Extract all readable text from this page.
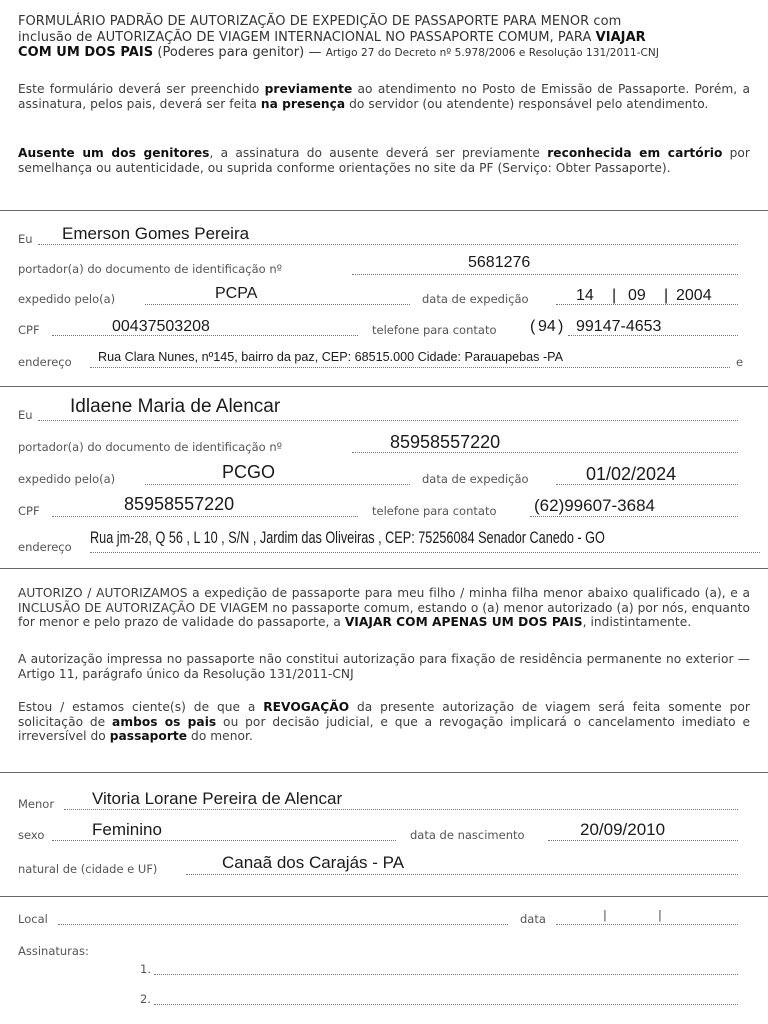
FORMULÁRIO PADRÃO DE AUTORIZAÇÃO DE EXPEDIÇÃO DE PASSAPORTE PARA MENOR com
inclusão de AUTORIZAÇÃO DE VIAGEM INTERNACIONAL NO PASSAPORTE COMUM, PARA VIAJAR
COM UM DOS PAIS (Poderes para genitor) — Artigo 27 do Decreto nº 5.978/2006 e Resolução 131/2011-CNJ
Este formulário deverá ser preenchido previamente ao atendimento no Posto de Emissão de Passaporte. Porém, a assinatura, pelos pais, deverá ser feita na presença do servidor (ou atendente) responsável pelo atendimento.
Ausente um dos genitores, a assinatura do ausente deverá ser previamente reconhecida em cartório por semelhança ou autenticidade, ou suprida conforme orientações no site da PF (Serviço: Obter Passaporte).
Eu Emerson Gomes Pereira
portador(a) do documento de identificação nº	5681276
expedido pelo(a)	PCPA	data de expedição	14 | 09 | 2004
CPF	00437503208	telefone para contato ( 94 ) 99147-4653
endereço Rua Clara Nunes, nº145, bairro da paz, CEP: 68515.000 Cidade: Parauapebas -PA	e
Eu Idlaene Maria de Alencar
portador(a) do documento de identificação nº	85958557220
expedido pelo(a)	PCGO	data de expedição	01/02/2024
CPF	85958557220	telefone para contato (62)99607-3684
endereço Rua jm-28, Q 56 , L 10 , S/N , Jardim das Oliveiras , CEP: 75256084 Senador Canedo - GO
AUTORIZO / AUTORIZAMOS a expedição de passaporte para meu filho / minha filha menor abaixo qualificado (a), e a INCLUSÃO DE AUTORIZAÇÃO DE VIAGEM no passaporte comum, estando o (a) menor autorizado (a) por nós, enquanto for menor e pelo prazo de validade do passaporte, a VIAJAR COM APENAS UM DOS PAIS, indistintamente.
A autorização impressa no passaporte não constitui autorização para fixação de residência permanente no exterior — Artigo 11, parágrafo único da Resolução 131/2011-CNJ
Estou / estamos ciente(s) de que a REVOGAÇÃO da presente autorização de viagem será feita somente por solicitação de ambos os pais ou por decisão judicial, e que a revogação implicará o cancelamento imediato e irreversível do passaporte do menor.
Menor Vitoria Lorane Pereira de Alencar
sexo	Feminino	data de nascimento	20/09/2010
natural de (cidade e UF)	Canaã dos Carajás - PA
Local	data	|	|
Assinaturas:
1.
2.
